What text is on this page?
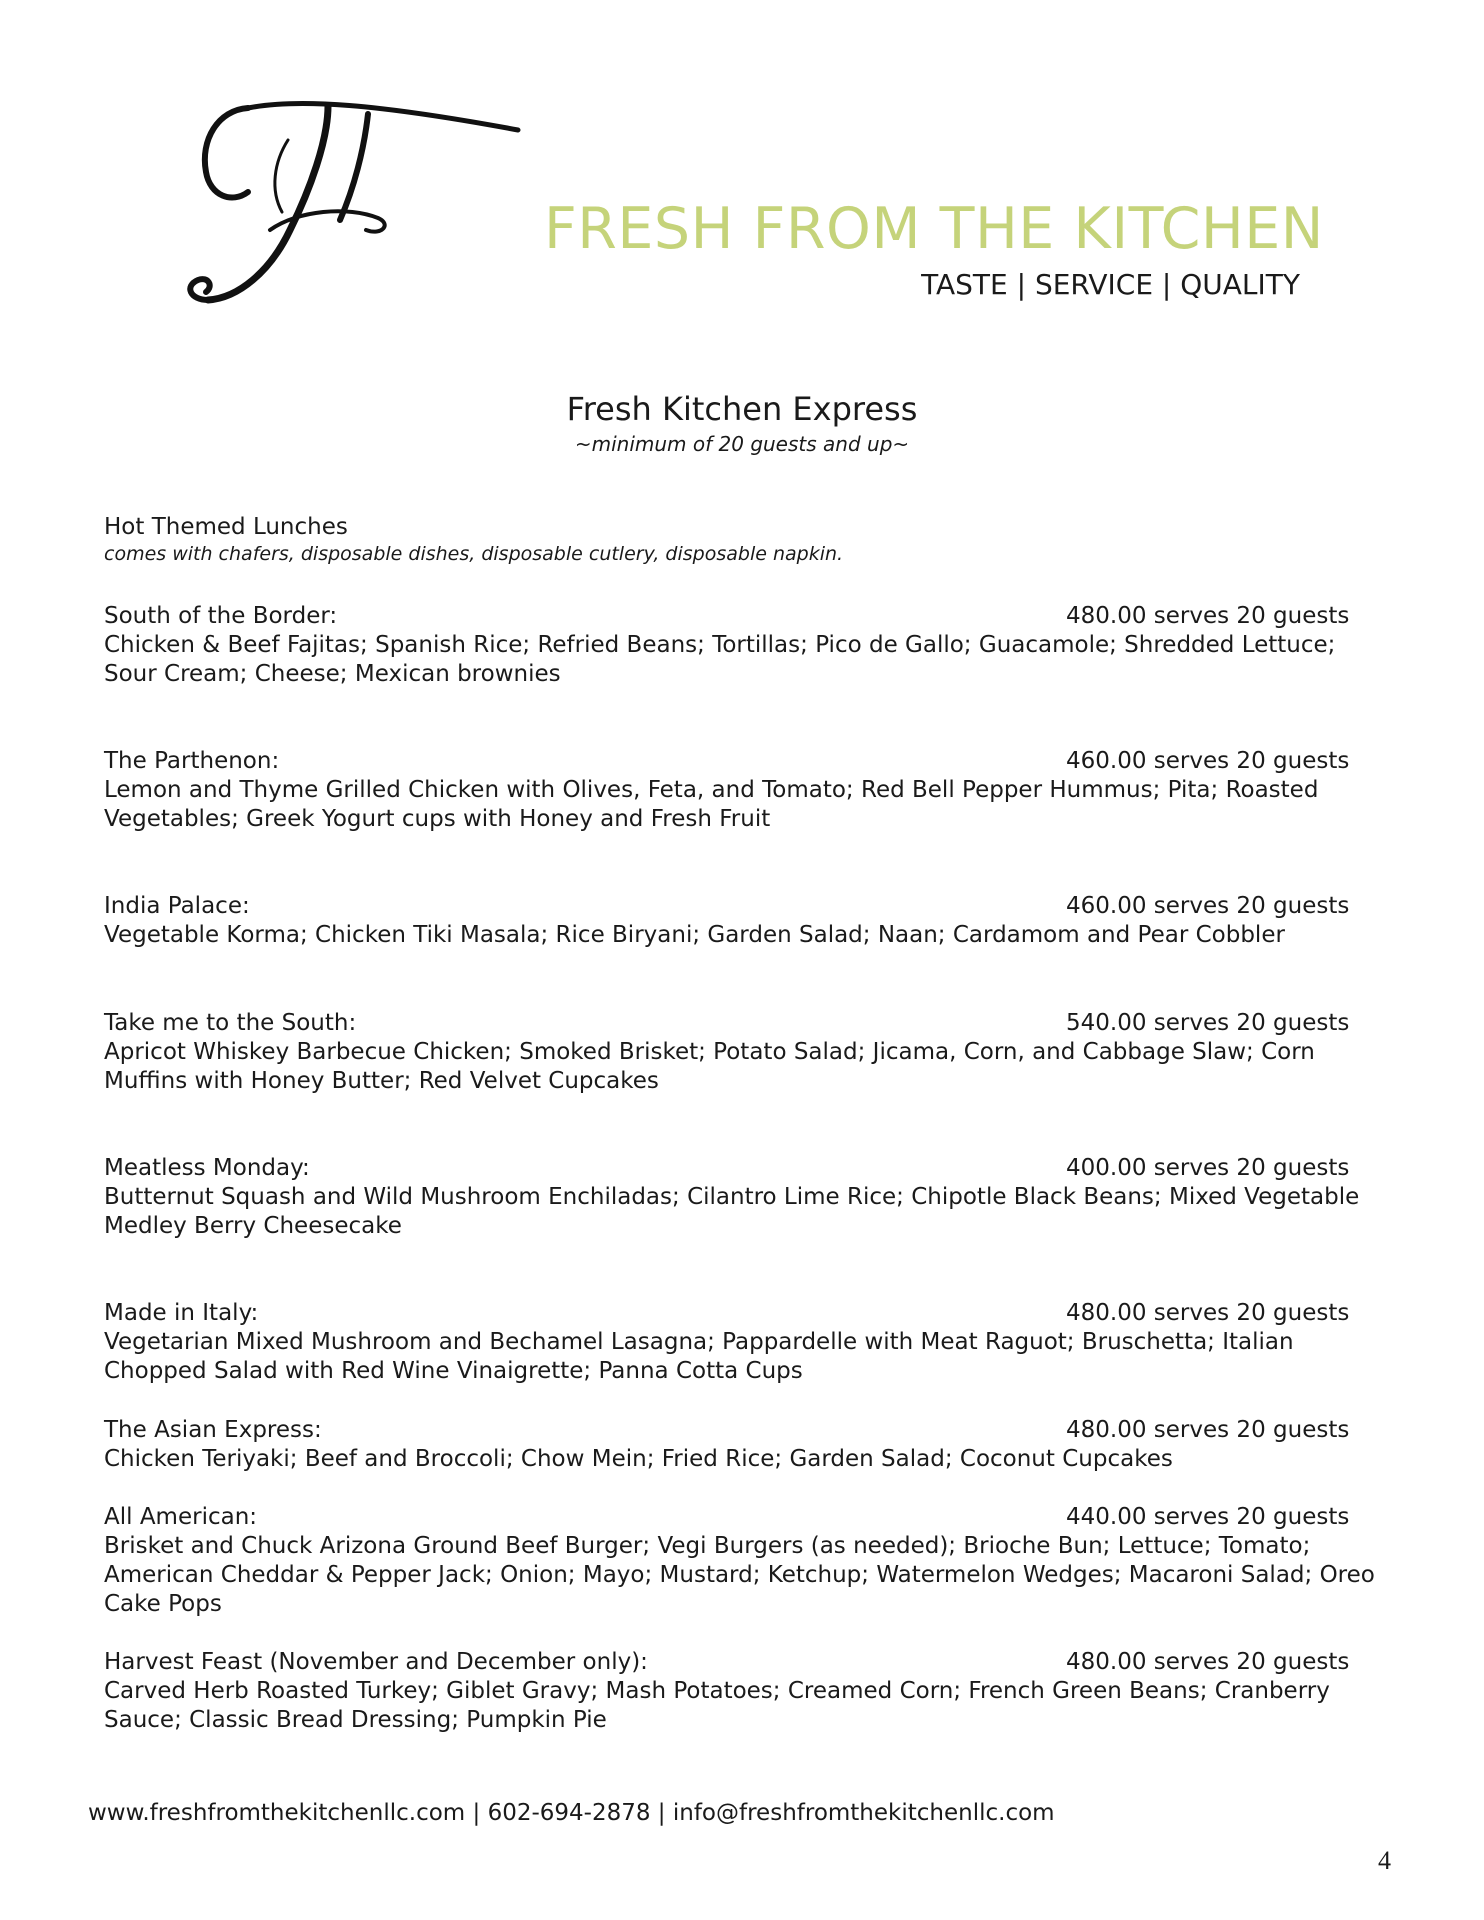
FRESH FROM THE KITCHEN
TASTE | SERVICE | QUALITY
Fresh Kitchen Express
~minimum of 20 guests and up~
Hot Themed Lunches
comes with chafers, disposable dishes, disposable cutlery, disposable napkin.
South of the Border:	480.00 serves 20 guests
Chicken & Beef Fajitas; Spanish Rice; Refried Beans; Tortillas; Pico de Gallo; Guacamole; Shredded Lettuce; Sour Cream; Cheese; Mexican brownies
The Parthenon:	460.00 serves 20 guests
Lemon and Thyme Grilled Chicken with Olives, Feta, and Tomato; Red Bell Pepper Hummus; Pita; Roasted Vegetables; Greek Yogurt cups with Honey and Fresh Fruit
India Palace:	460.00 serves 20 guests
Vegetable Korma; Chicken Tiki Masala; Rice Biryani; Garden Salad; Naan; Cardamom and Pear Cobbler
Take me to the South:	540.00 serves 20 guests
Apricot Whiskey Barbecue Chicken; Smoked Brisket; Potato Salad; Jicama, Corn, and Cabbage Slaw; Corn Muffins with Honey Butter; Red Velvet Cupcakes
Meatless Monday:	400.00 serves 20 guests
Butternut Squash and Wild Mushroom Enchiladas; Cilantro Lime Rice; Chipotle Black Beans; Mixed Vegetable Medley Berry Cheesecake
Made in Italy:	480.00 serves 20 guests
Vegetarian Mixed Mushroom and Bechamel Lasagna; Pappardelle with Meat Raguot; Bruschetta; Italian Chopped Salad with Red Wine Vinaigrette; Panna Cotta Cups
The Asian Express:	480.00 serves 20 guests
Chicken Teriyaki; Beef and Broccoli; Chow Mein; Fried Rice; Garden Salad; Coconut Cupcakes
All American:	440.00 serves 20 guests
Brisket and Chuck Arizona Ground Beef Burger; Vegi Burgers (as needed); Brioche Bun; Lettuce; Tomato; American Cheddar & Pepper Jack; Onion; Mayo; Mustard; Ketchup; Watermelon Wedges; Macaroni Salad; Oreo Cake Pops
Harvest Feast (November and December only):	480.00 serves 20 guests
Carved Herb Roasted Turkey; Giblet Gravy; Mash Potatoes; Creamed Corn; French Green Beans; Cranberry Sauce; Classic Bread Dressing; Pumpkin Pie
www.freshfromthekitchenllc.com | 602-694-2878 | info@freshfromthekitchenllc.com
4
